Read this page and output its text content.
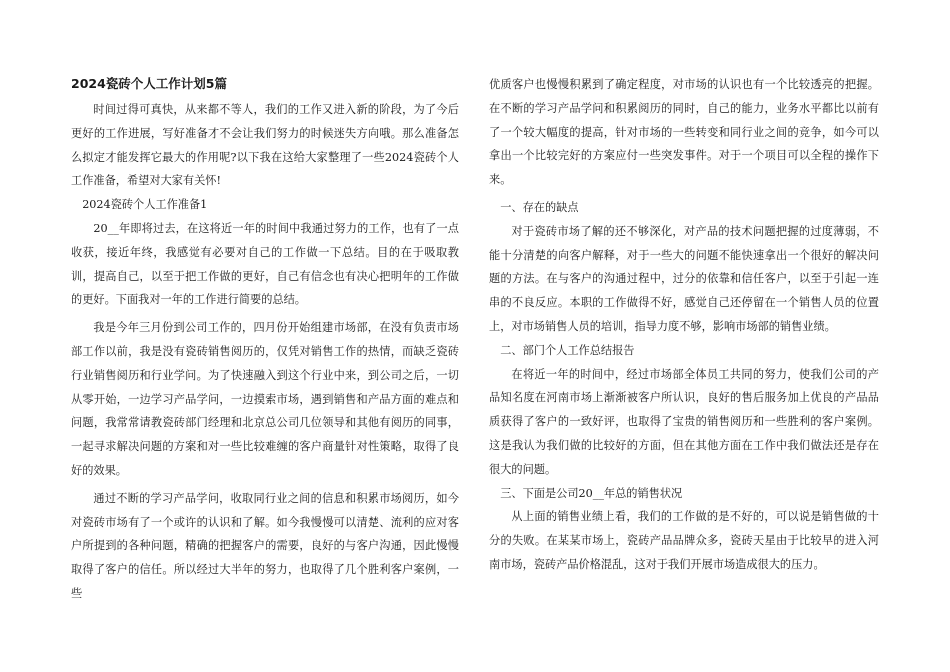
2024瓷砖个人工作计划5篇

时间过得可真快，从来都不等人，我们的工作又进入新的阶段，为了今后更好的工作进展，写好准备才不会让我们努力的时候迷失方向哦。那么准备怎么拟定才能发挥它最大的作用呢?以下我在这给大家整理了一些2024瓷砖个人工作准备，希望对大家有关怀!

2024瓷砖个人工作准备1

20__年即将过去，在这将近一年的时间中我通过努力的工作，也有了一点收获，接近年终，我感觉有必要对自己的工作做一下总结。目的在于吸取教训，提高自己，以至于把工作做的更好，自己有信念也有决心把明年的工作做的更好。下面我对一年的工作进行简要的总结。

我是今年三月份到公司工作的，四月份开始组建市场部，在没有负责市场部工作以前，我是没有瓷砖销售阅历的，仅凭对销售工作的热情，而缺乏瓷砖行业销售阅历和行业学问。为了快速融入到这个行业中来，到公司之后，一切从零开始，一边学习产品学问，一边摸索市场，遇到销售和产品方面的难点和问题，我常常请教瓷砖部门经理和北京总公司几位领导和其他有阅历的同事，一起寻求解决问题的方案和对一些比较难缠的客户商量针对性策略，取得了良好的效果。

通过不断的学习产品学问，收取同行业之间的信息和积累市场阅历，如今对瓷砖市场有了一个或许的认识和了解。如今我慢慢可以清楚、流利的应对客户所提到的各种问题，精确的把握客户的需要，良好的与客户沟通，因此慢慢取得了客户的信任。所以经过大半年的努力，也取得了几个胜利客户案例，一些

优质客户也慢慢积累到了确定程度，对市场的认识也有一个比较透亮的把握。在不断的学习产品学问和积累阅历的同时，自己的能力，业务水平都比以前有了一个较大幅度的提高，针对市场的一些转变和同行业之间的竞争，如今可以拿出一个比较完好的方案应付一些突发事件。对于一个项目可以全程的操作下来。

一、存在的缺点

对于瓷砖市场了解的还不够深化，对产品的技术问题把握的过度薄弱，不能十分清楚的向客户解释，对于一些大的问题不能快速拿出一个很好的解决问题的方法。在与客户的沟通过程中，过分的依靠和信任客户，以至于引起一连串的不良反应。本职的工作做得不好，感觉自己还停留在一个销售人员的位置上，对市场销售人员的培训，指导力度不够，影响市场部的销售业绩。

二、部门个人工作总结报告

在将近一年的时间中，经过市场部全体员工共同的努力，使我们公司的产品知名度在河南市场上渐渐被客户所认识，良好的售后服务加上优良的产品品质获得了客户的一致好评，也取得了宝贵的销售阅历和一些胜利的客户案例。这是我认为我们做的比较好的方面，但在其他方面在工作中我们做法还是存在很大的问题。

三、下面是公司20__年总的销售状况

从上面的销售业绩上看，我们的工作做的是不好的，可以说是销售做的十分的失败。在某某市场上，瓷砖产品品牌众多，瓷砖天星由于比较早的进入河南市场，瓷砖产品价格混乱，这对于我们开展市场造成很大的压力。
